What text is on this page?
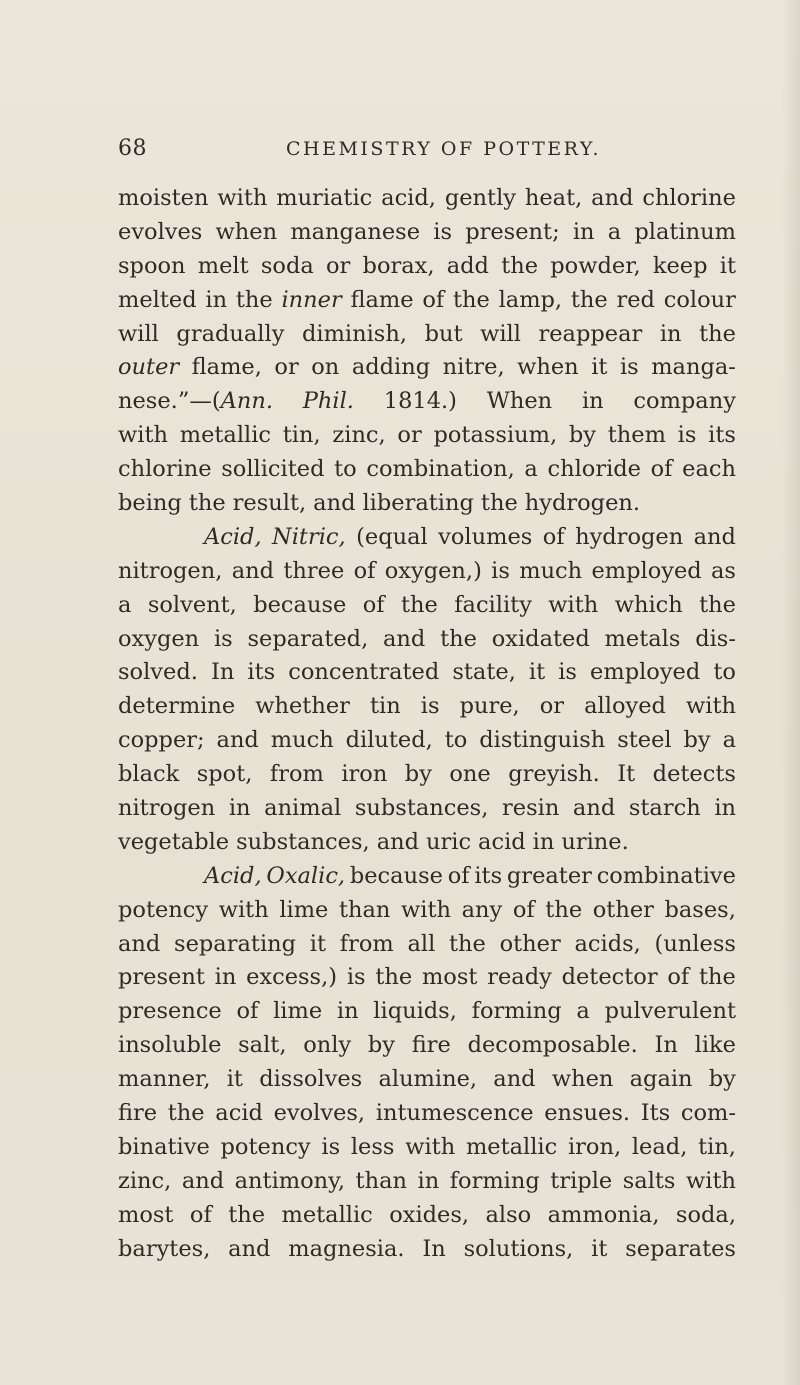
68	CHEMISTRY OF POTTERY.
moisten with muriatic acid, gently heat, and chlorine
evolves when manganese is present; in a platinum
spoon melt soda or borax, add the powder, keep it
melted in the inner flame of the lamp, the red colour
will gradually diminish, but will reappear in the
outer flame, or on adding nitre, when it is manga-
nese.”—(Ann. Phil. 1814.) When in company
with metallic tin, zinc, or potassium, by them is its
chlorine sollicited to combination, a chloride of each
being the result, and liberating the hydrogen.
Acid, Nitric, (equal volumes of hydrogen and
nitrogen, and three of oxygen,) is much employed as
a solvent, because of the facility with which the
oxygen is separated, and the oxidated metals dis-
solved. In its concentrated state, it is employed to
determine whether tin is pure, or alloyed with
copper; and much diluted, to distinguish steel by a
black spot, from iron by one greyish. It detects
nitrogen in animal substances, resin and starch in
vegetable substances, and uric acid in urine.
Acid, Oxalic, because of its greater combinative
potency with lime than with any of the other bases,
and separating it from all the other acids, (unless
present in excess,) is the most ready detector of the
presence of lime in liquids, forming a pulverulent
insoluble salt, only by fire decomposable. In like
manner, it dissolves alumine, and when again by
fire the acid evolves, intumescence ensues. Its com-
binative potency is less with metallic iron, lead, tin,
zinc, and antimony, than in forming triple salts with
most of the metallic oxides, also ammonia, soda,
barytes, and magnesia. In solutions, it separates
